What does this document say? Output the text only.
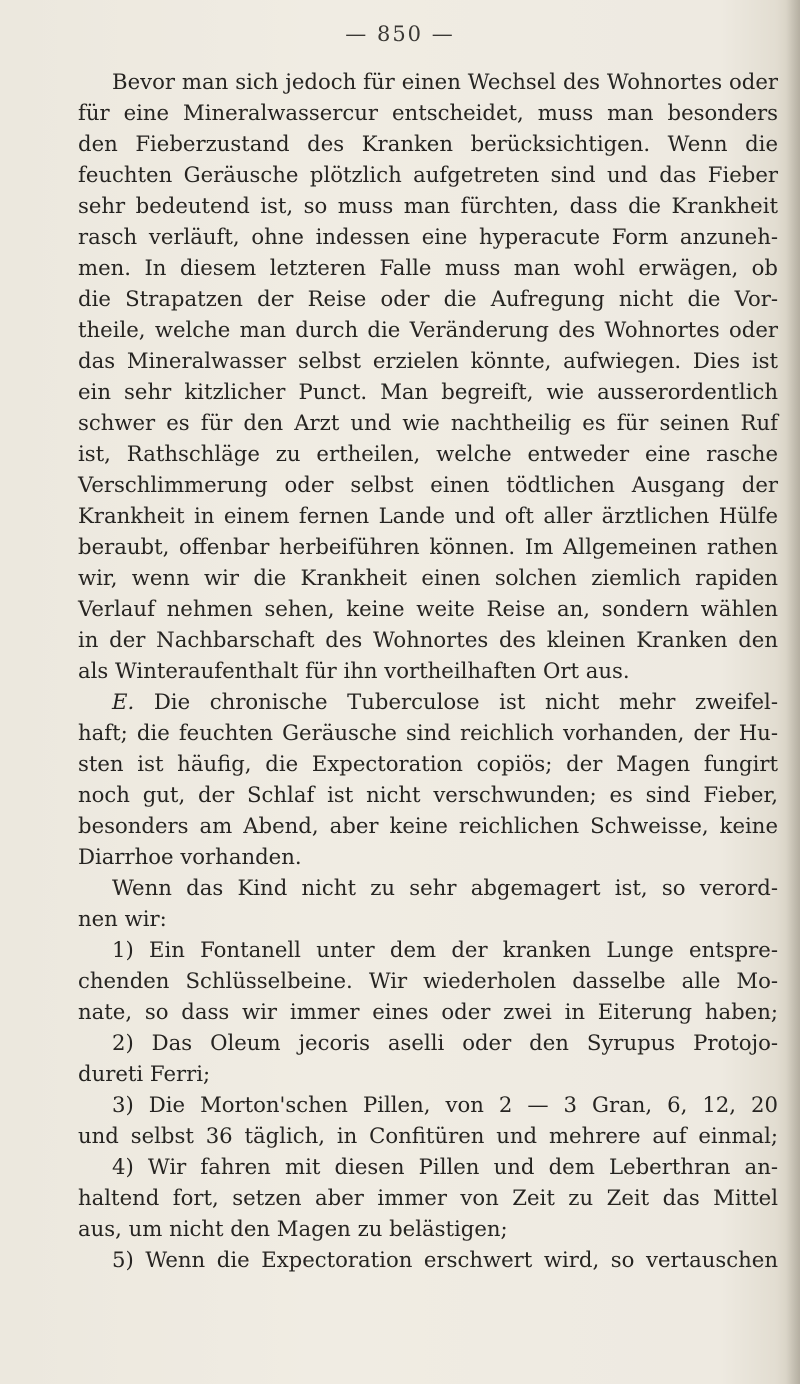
— 850 —
Bevor man sich jedoch für einen Wechsel des Wohnortes oder
für eine Mineralwassercur entscheidet, muss man besonders
den Fieberzustand des Kranken berücksichtigen. Wenn die
feuchten Geräusche plötzlich aufgetreten sind und das Fieber
sehr bedeutend ist, so muss man fürchten, dass die Krankheit
rasch verläuft, ohne indessen eine hyperacute Form anzuneh-
men. In diesem letzteren Falle muss man wohl erwägen, ob
die Strapatzen der Reise oder die Aufregung nicht die Vor-
theile, welche man durch die Veränderung des Wohnortes oder
das Mineralwasser selbst erzielen könnte, aufwiegen. Dies ist
ein sehr kitzlicher Punct. Man begreift, wie ausserordentlich
schwer es für den Arzt und wie nachtheilig es für seinen Ruf
ist, Rathschläge zu ertheilen, welche entweder eine rasche
Verschlimmerung oder selbst einen tödtlichen Ausgang der
Krankheit in einem fernen Lande und oft aller ärztlichen Hülfe
beraubt, offenbar herbeiführen können. Im Allgemeinen rathen
wir, wenn wir die Krankheit einen solchen ziemlich rapiden
Verlauf nehmen sehen, keine weite Reise an, sondern wählen
in der Nachbarschaft des Wohnortes des kleinen Kranken den
als Winteraufenthalt für ihn vortheilhaften Ort aus.
E. Die chronische Tuberculose ist nicht mehr zweifel-
haft; die feuchten Geräusche sind reichlich vorhanden, der Hu-
sten ist häufig, die Expectoration copiös; der Magen fungirt
noch gut, der Schlaf ist nicht verschwunden; es sind Fieber,
besonders am Abend, aber keine reichlichen Schweisse, keine
Diarrhoe vorhanden.
Wenn das Kind nicht zu sehr abgemagert ist, so verord-
nen wir:
1) Ein Fontanell unter dem der kranken Lunge entspre-
chenden Schlüsselbeine. Wir wiederholen dasselbe alle Mo-
nate, so dass wir immer eines oder zwei in Eiterung haben;
2) Das Oleum jecoris aselli oder den Syrupus Protojo-
dureti Ferri;
3) Die Morton'schen Pillen, von 2 — 3 Gran, 6, 12, 20
und selbst 36 täglich, in Confitüren und mehrere auf einmal;
4) Wir fahren mit diesen Pillen und dem Leberthran an-
haltend fort, setzen aber immer von Zeit zu Zeit das Mittel
aus, um nicht den Magen zu belästigen;
5) Wenn die Expectoration erschwert wird, so vertauschen
